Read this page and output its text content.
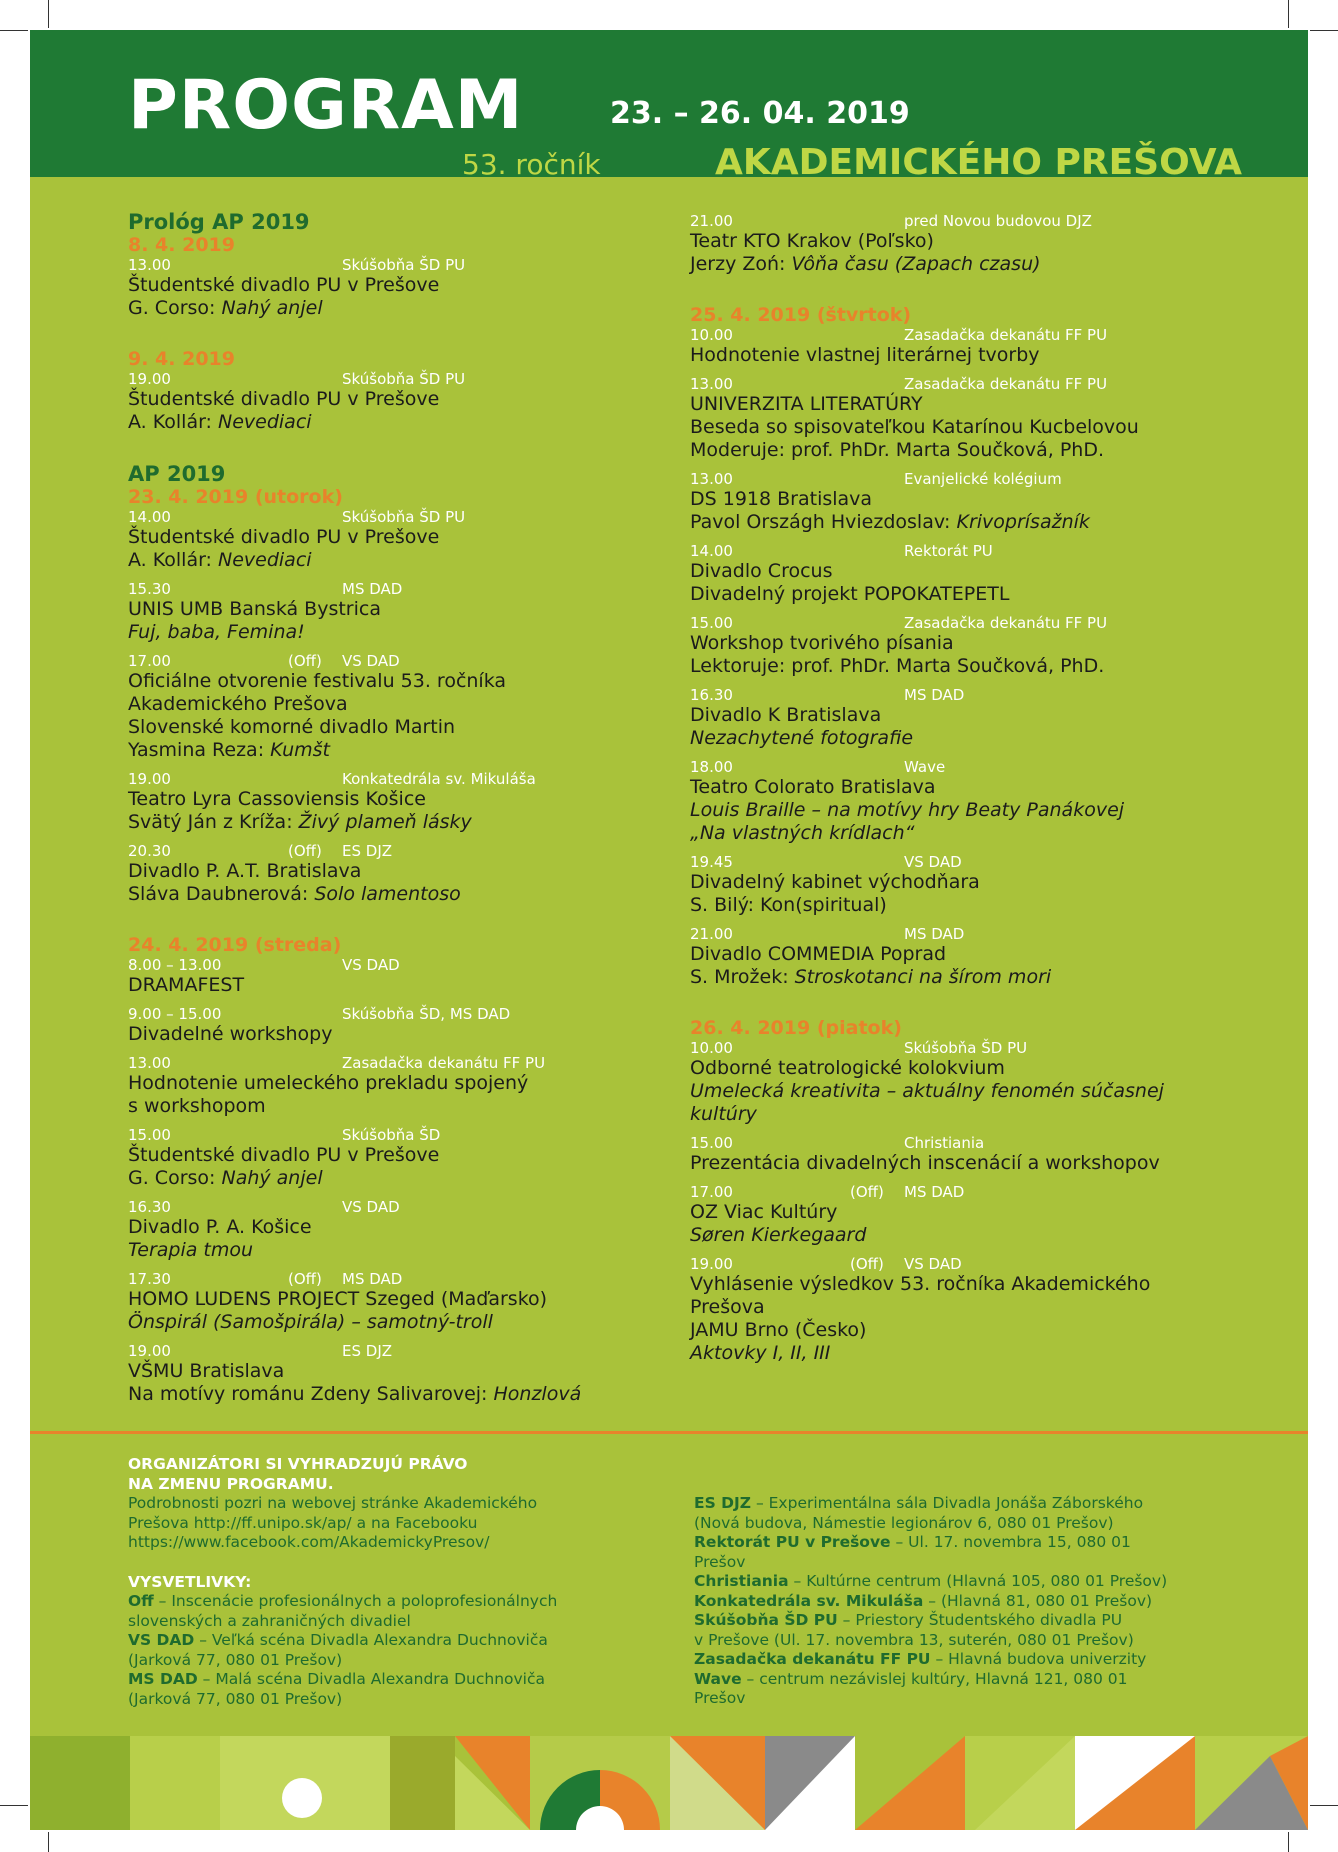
PROGRAM	23. – 26. 04. 2019
53. ročník	AKADEMICKÉHO PREŠOVA
Prológ AP 2019
8. 4. 2019
13.00	Skúšobňa ŠD PU
Študentské divadlo PU v Prešove
G. Corso: Nahý anjel
9. 4. 2019
19.00	Skúšobňa ŠD PU
Študentské divadlo PU v Prešove
A. Kollár: Nevediaci
AP 2019
23. 4. 2019 (utorok)
14.00	Skúšobňa ŠD PU
Študentské divadlo PU v Prešove
A. Kollár: Nevediaci
15.30	MS DAD
UNIS UMB Banská Bystrica
Fuj, baba, Femina!
17.00	(Off) VS DAD
Oficiálne otvorenie festivalu 53. ročníka
Akademického Prešova
Slovenské komorné divadlo Martin
Yasmina Reza: Kumšt
19.00	Konkatedrála sv. Mikuláša
Teatro Lyra Cassoviensis Košice
Svätý Ján z Kríža: Živý plameň lásky
20.30	(Off) ES DJZ
Divadlo P. A.T. Bratislava
Sláva Daubnerová: Solo lamentoso
24. 4. 2019 (streda)
8.00 – 13.00	VS DAD
DRAMAFEST
9.00 – 15.00	Skúšobňa ŠD, MS DAD
Divadelné workshopy
13.00	Zasadačka dekanátu FF PU
Hodnotenie umeleckého prekladu spojený
s workshopom
15.00	Skúšobňa ŠD
Študentské divadlo PU v Prešove
G. Corso: Nahý anjel
16.30	VS DAD
Divadlo P. A. Košice
Terapia tmou
17.30	(Off) MS DAD
HOMO LUDENS PROJECT Szeged (Maďarsko)
Önspirál (Samošpirála) – samotný-troll
19.00	ES DJZ
VŠMU Bratislava
Na motívy románu Zdeny Salivarovej: Honzlová
21.00	pred Novou budovou DJZ
Teatr KTO Krakov (Poľsko)
Jerzy Zoń: Vôňa času (Zapach czasu)
25. 4. 2019 (štvrtok)
10.00	Zasadačka dekanátu FF PU
Hodnotenie vlastnej literárnej tvorby
13.00	Zasadačka dekanátu FF PU
UNIVERZITA LITERATÚRY
Beseda so spisovateľkou Katarínou Kucbelovou
Moderuje: prof. PhDr. Marta Součková, PhD.
13.00	Evanjelické kolégium
DS 1918 Bratislava
Pavol Országh Hviezdoslav: Krivoprísažník
14.00	Rektorát PU
Divadlo Crocus
Divadelný projekt POPOKATEPETL
15.00	Zasadačka dekanátu FF PU
Workshop tvorivého písania
Lektoruje: prof. PhDr. Marta Součková, PhD.
16.30	MS DAD
Divadlo K Bratislava
Nezachytené fotografie
18.00	Wave
Teatro Colorato Bratislava
Louis Braille – na motívy hry Beaty Panákovej
„Na vlastných krídlach“
19.45	VS DAD
Divadelný kabinet východňara
S. Bilý: Kon(spiritual)
21.00	MS DAD
Divadlo COMMEDIA Poprad
S. Mrožek: Stroskotanci na šírom mori
26. 4. 2019 (piatok)
10.00	Skúšobňa ŠD PU
Odborné teatrologické kolokvium
Umelecká kreativita – aktuálny fenomén súčasnej
kultúry
15.00	Christiania
Prezentácia divadelných inscenácií a workshopov
17.00	(Off) MS DAD
OZ Viac Kultúry
Søren Kierkegaard
19.00	(Off) VS DAD
Vyhlásenie výsledkov 53. ročníka Akademického
Prešova
JAMU Brno (Česko)
Aktovky I, II, III
ORGANIZÁTORI SI VYHRADZUJÚ PRÁVO
NA ZMENU PROGRAMU.
Podrobnosti pozri na webovej stránke Akademického
Prešova http://ff.unipo.sk/ap/ a na Facebooku
https://www.facebook.com/AkademickyPresov/
VYSVETLIVKY:
Off – Inscenácie profesionálnych a poloprofesionálnych
slovenských a zahraničných divadiel
VS DAD – Veľká scéna Divadla Alexandra Duchnoviča
(Jarková 77, 080 01 Prešov)
MS DAD – Malá scéna Divadla Alexandra Duchnoviča
(Jarková 77, 080 01 Prešov)
ES DJZ – Experimentálna sála Divadla Jonáša Záborského
(Nová budova, Námestie legionárov 6, 080 01 Prešov)
Rektorát PU v Prešove – Ul. 17. novembra 15, 080 01
Prešov
Christiania – Kultúrne centrum (Hlavná 105, 080 01 Prešov)
Konkatedrála sv. Mikuláša – (Hlavná 81, 080 01 Prešov)
Skúšobňa ŠD PU – Priestory Študentského divadla PU
v Prešove (Ul. 17. novembra 13, suterén, 080 01 Prešov)
Zasadačka dekanátu FF PU – Hlavná budova univerzity
Wave – centrum nezávislej kultúry, Hlavná 121, 080 01
Prešov
